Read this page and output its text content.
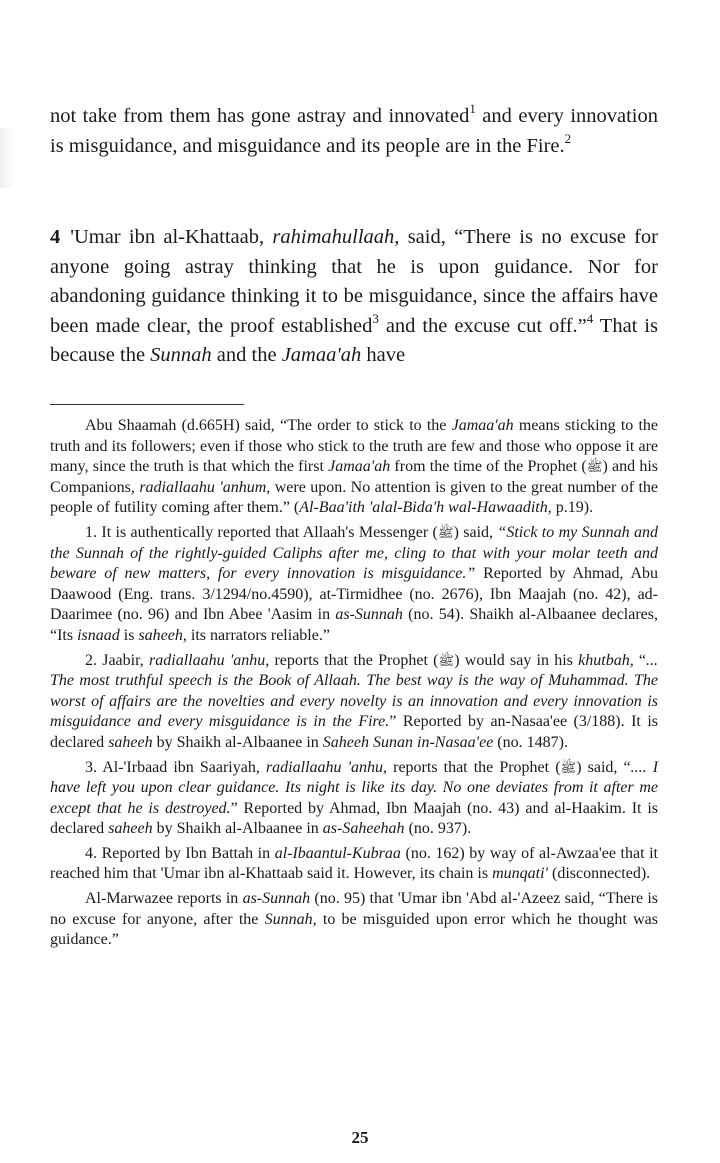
not take from them has gone astray and innovated$^1$ and every innovation is misguidance, and misguidance and its people are in the Fire.$^2$

4 'Umar ibn al-Khattaab, rahimahullaah, said, “There is no excuse for anyone going astray thinking that he is upon guidance. Nor for abandoning guidance thinking it to be misguidance, since the affairs have been made clear, the proof established$^3$ and the excuse cut off.”$^4$ That is because the Sunnah and the Jamaa'ah have

Abu Shaamah (d.665H) said, “The order to stick to the Jamaa'ah means sticking to the truth and its followers; even if those who stick to the truth are few and those who oppose it are many, since the truth is that which the first Jamaa'ah from the time of the Prophet (ﷺ) and his Companions, radiallaahu 'anhum, were upon. No attention is given to the great number of the people of futility coming after them.” (Al-Baa'ith 'alal-Bida'h wal-Hawaadith, p.19).

1. It is authentically reported that Allaah's Messenger (ﷺ) said, “Stick to my Sunnah and the Sunnah of the rightly-guided Caliphs after me, cling to that with your molar teeth and beware of new matters, for every innovation is misguidance.” Reported by Ahmad, Abu Daawood (Eng. trans. 3/1294/no.4590), at-Tirmidhee (no. 2676), Ibn Maajah (no. 42), ad-Daarimee (no. 96) and Ibn Abee 'Aasim in as-Sunnah (no. 54). Shaikh al-Albaanee declares, “Its isnaad is saheeh, its narrators reliable.”

2. Jaabir, radiallaahu 'anhu, reports that the Prophet (ﷺ) would say in his khutbah, “... The most truthful speech is the Book of Allaah. The best way is the way of Muhammad. The worst of affairs are the novelties and every novelty is an innovation and every innovation is misguidance and every misguidance is in the Fire.” Reported by an-Nasaa'ee (3/188). It is declared saheeh by Shaikh al-Albaanee in Saheeh Sunan in-Nasaa'ee (no. 1487).

3. Al-'Irbaad ibn Saariyah, radiallaahu 'anhu, reports that the Prophet (ﷺ) said, “.... I have left you upon clear guidance. Its night is like its day. No one deviates from it after me except that he is destroyed.” Reported by Ahmad, Ibn Maajah (no. 43) and al-Haakim. It is declared saheeh by Shaikh al-Albaanee in as-Saheehah (no. 937).

4. Reported by Ibn Battah in al-Ibaantul-Kubraa (no. 162) by way of al-Awzaa'ee that it reached him that 'Umar ibn al-Khattaab said it. However, its chain is munqati' (disconnected).

Al-Marwazee reports in as-Sunnah (no. 95) that 'Umar ibn 'Abd al-'Azeez said, “There is no excuse for anyone, after the Sunnah, to be misguided upon error which he thought was guidance.”

25
